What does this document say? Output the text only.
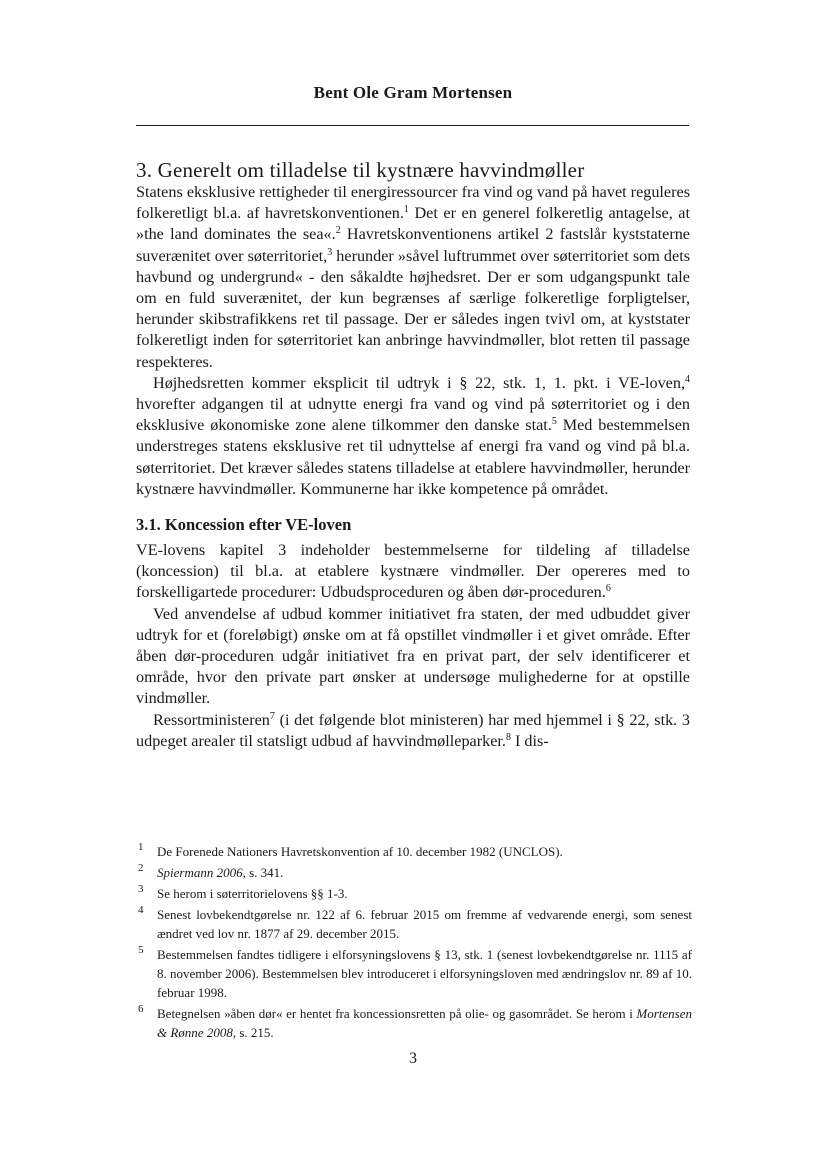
Bent Ole Gram Mortensen
3. Generelt om tilladelse til kystnære havvindmøller

Statens eksklusive rettigheder til energiressourcer fra vind og vand på havet reguleres folkeretligt bl.a. af havretskonventionen.$^1$ Det er en generel folkeretlig antagelse, at »the land dominates the sea«.$^2$ Havretskonventionens artikel 2 fastslår kyststaterne suverænitet over søterritoriet,$^3$ herunder »såvel luftrummet over søterritoriet som dets havbund og undergrund« - den såkaldte højhedsret. Der er som udgangspunkt tale om en fuld suverænitet, der kun begrænses af særlige folkeretlige forpligtelser, herunder skibstrafikkens ret til passage. Der er således ingen tvivl om, at kyststater folkeretligt inden for søterritoriet kan anbringe havvindmøller, blot retten til passage respekteres.

Højhedsretten kommer eksplicit til udtryk i § 22, stk. 1, 1. pkt. i VE-loven,$^4$ hvorefter adgangen til at udnytte energi fra vand og vind på søterritoriet og i den eksklusive økonomiske zone alene tilkommer den danske stat.$^5$ Med bestemmelsen understreges statens eksklusive ret til udnyttelse af energi fra vand og vind på bl.a. søterritoriet. Det kræver således statens tilladelse at etablere havvindmøller, herunder kystnære havvindmøller. Kommunerne har ikke kompetence på området.

3.1. Koncession efter VE-loven

VE-lovens kapitel 3 indeholder bestemmelserne for tildeling af tilladelse (koncession) til bl.a. at etablere kystnære vindmøller. Der opereres med to forskelligartede procedurer: Udbudsproceduren og åben dør-proceduren.$^6$

Ved anvendelse af udbud kommer initiativet fra staten, der med udbuddet giver udtryk for et (foreløbigt) ønske om at få opstillet vindmøller i et givet område. Efter åben dør-proceduren udgår initiativet fra en privat part, der selv identificerer et område, hvor den private part ønsker at undersøge mulighederne for at opstille vindmøller.

Ressortministeren$^7$ (i det følgende blot ministeren) har med hjemmel i § 22, stk. 3 udpeget arealer til statsligt udbud af havvindmølleparker.$^8$ I dis-

1 De Forenede Nationers Havretskonvention af 10. december 1982 (UNCLOS).
2 Spiermann 2006, s. 341.
3 Se herom i søterritorielovens §§ 1-3.
4 Senest lovbekendtgørelse nr. 122 af 6. februar 2015 om fremme af vedvarende energi, som senest ændret ved lov nr. 1877 af 29. december 2015.
5 Bestemmelsen fandtes tidligere i elforsyningslovens § 13, stk. 1 (senest lovbekendtgørelse nr. 1115 af 8. november 2006). Bestemmelsen blev introduceret i elforsyningsloven med ændringslov nr. 89 af 10. februar 1998.
6 Betegnelsen »åben dør« er hentet fra koncessionsretten på olie- og gasområdet. Se herom i Mortensen & Rønne 2008, s. 215.
3
